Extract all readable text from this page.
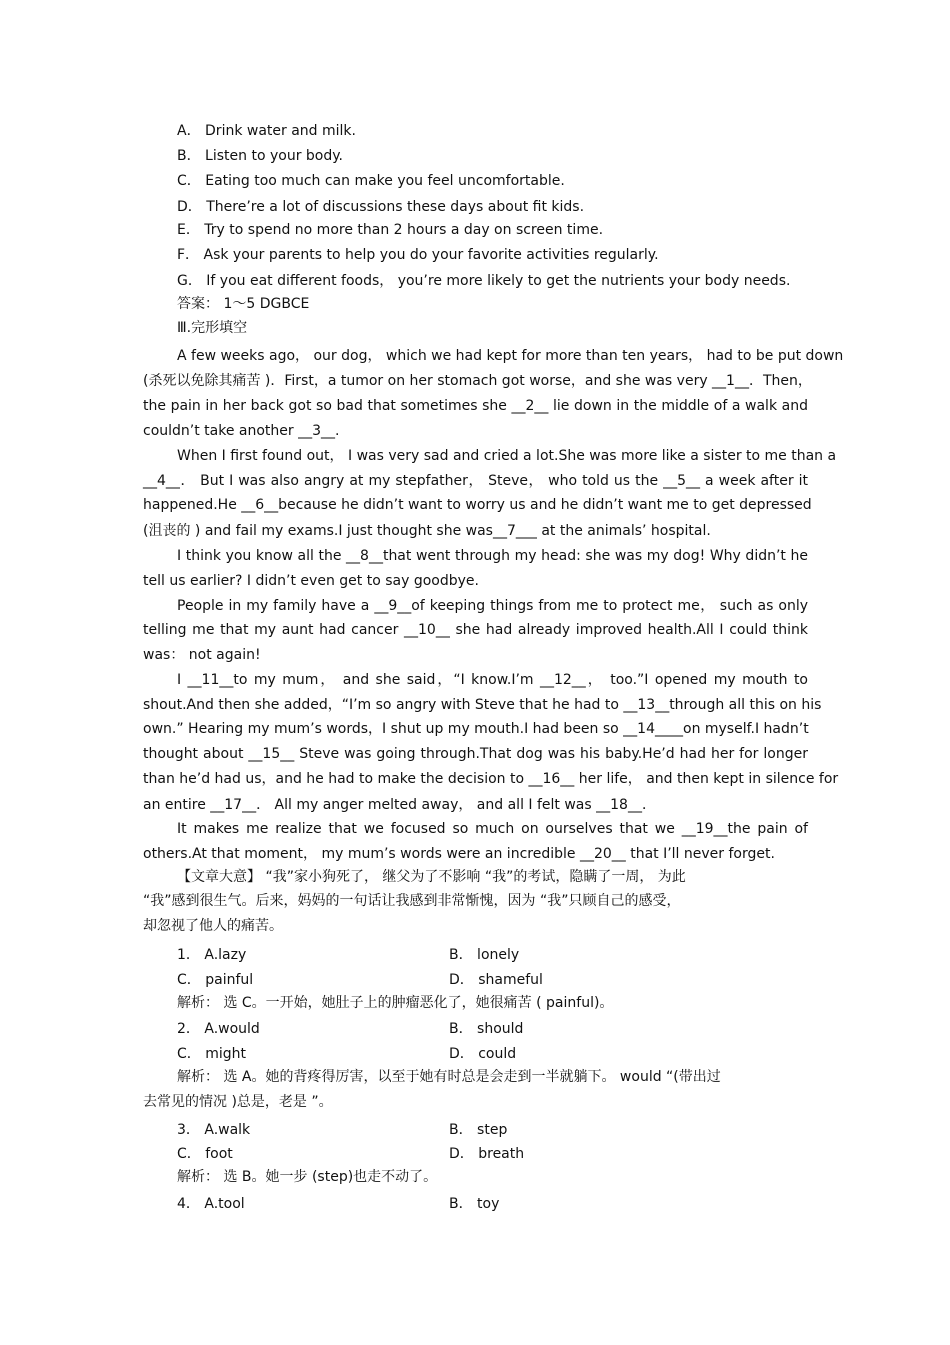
A． Drink water and milk.
B． Listen to your body.
C． Eating too much can make you feel uncomfortable.
D． There’re a lot of discussions these days about fit kids.
E． Try to spend no more than 2 hours a day on screen time.
F． Ask your parents to help you do your favorite activities regularly.
G． If you eat different foods， you’re more likely to get the nutrients your body needs.
答案： 1～5 DGBCE
Ⅲ.完形填空
A few weeks ago， our dog， which we had kept for more than ten years， had to be put down
(杀死以免除其痛苦 )．First，a tumor on her stomach got worse，and she was very __1__．Then，
the pain in her back got so bad that sometimes she __2__ lie down in the middle of a walk and
couldn’t take another __3__.
When I first found out， I was very sad and cried a lot.She was more like a sister to me than a
__4__． But I was also angry at my stepfather， Steve， who told us the __5__ a week after it
happened.He __6__because he didn’t want to worry us and he didn’t want me to get depressed
(沮丧的 ) and fail my exams.I just thought she was__7___ at the animals’ hospital.
I think you know all the __8__that went through my head: she was my dog! Why didn’t he
tell us earlier? I didn’t even get to say goodbye.
People in my family have a __9__of keeping things from me to protect me， such as only
telling me that my aunt had cancer __10__ she had already improved health.All I could think
was： not again!
I __11__to my mum， and she said，“I know.I’m __12__， too.”I opened my mouth to
shout.And then she added，“I’m so angry with Steve that he had to __13__through all this on his
own.” Hearing my mum’s words，I shut up my mouth.I had been so __14____on myself.I hadn’t
thought about __15__ Steve was going through.That dog was his baby.He’d had her for longer
than he’d had us，and he had to make the decision to __16__ her life， and then kept in silence for
an entire __17__． All my anger melted away， and all I felt was __18__．
It makes me realize that we focused so much on ourselves that we __19__the pain of
others.At that moment， my mum’s words were an incredible __20__ that I’ll never forget.
【文章大意】 “我”家小狗死了， 继父为了不影响 “我”的考试，隐瞒了一周， 为此
“我”感到很生气。后来，妈妈的一句话让我感到非常惭愧，因为 “我”只顾自己的感受，
却忽视了他人的痛苦。
1． A.lazy	B． lonely
C． painful	D． shameful
解析： 选 C。一开始，她肚子上的肿瘤恶化了，她很痛苦 ( painful)。
2． A.would	B． should
C． might	D． could
解析： 选 A。她的背疼得厉害，以至于她有时总是会走到一半就躺下。 would “(带出过
去常见的情况 )总是，老是 ”。
3． A.walk	B． step
C． foot	D． breath
解析： 选 B。她一步 (step)也走不动了。
4． A.tool	B． toy
